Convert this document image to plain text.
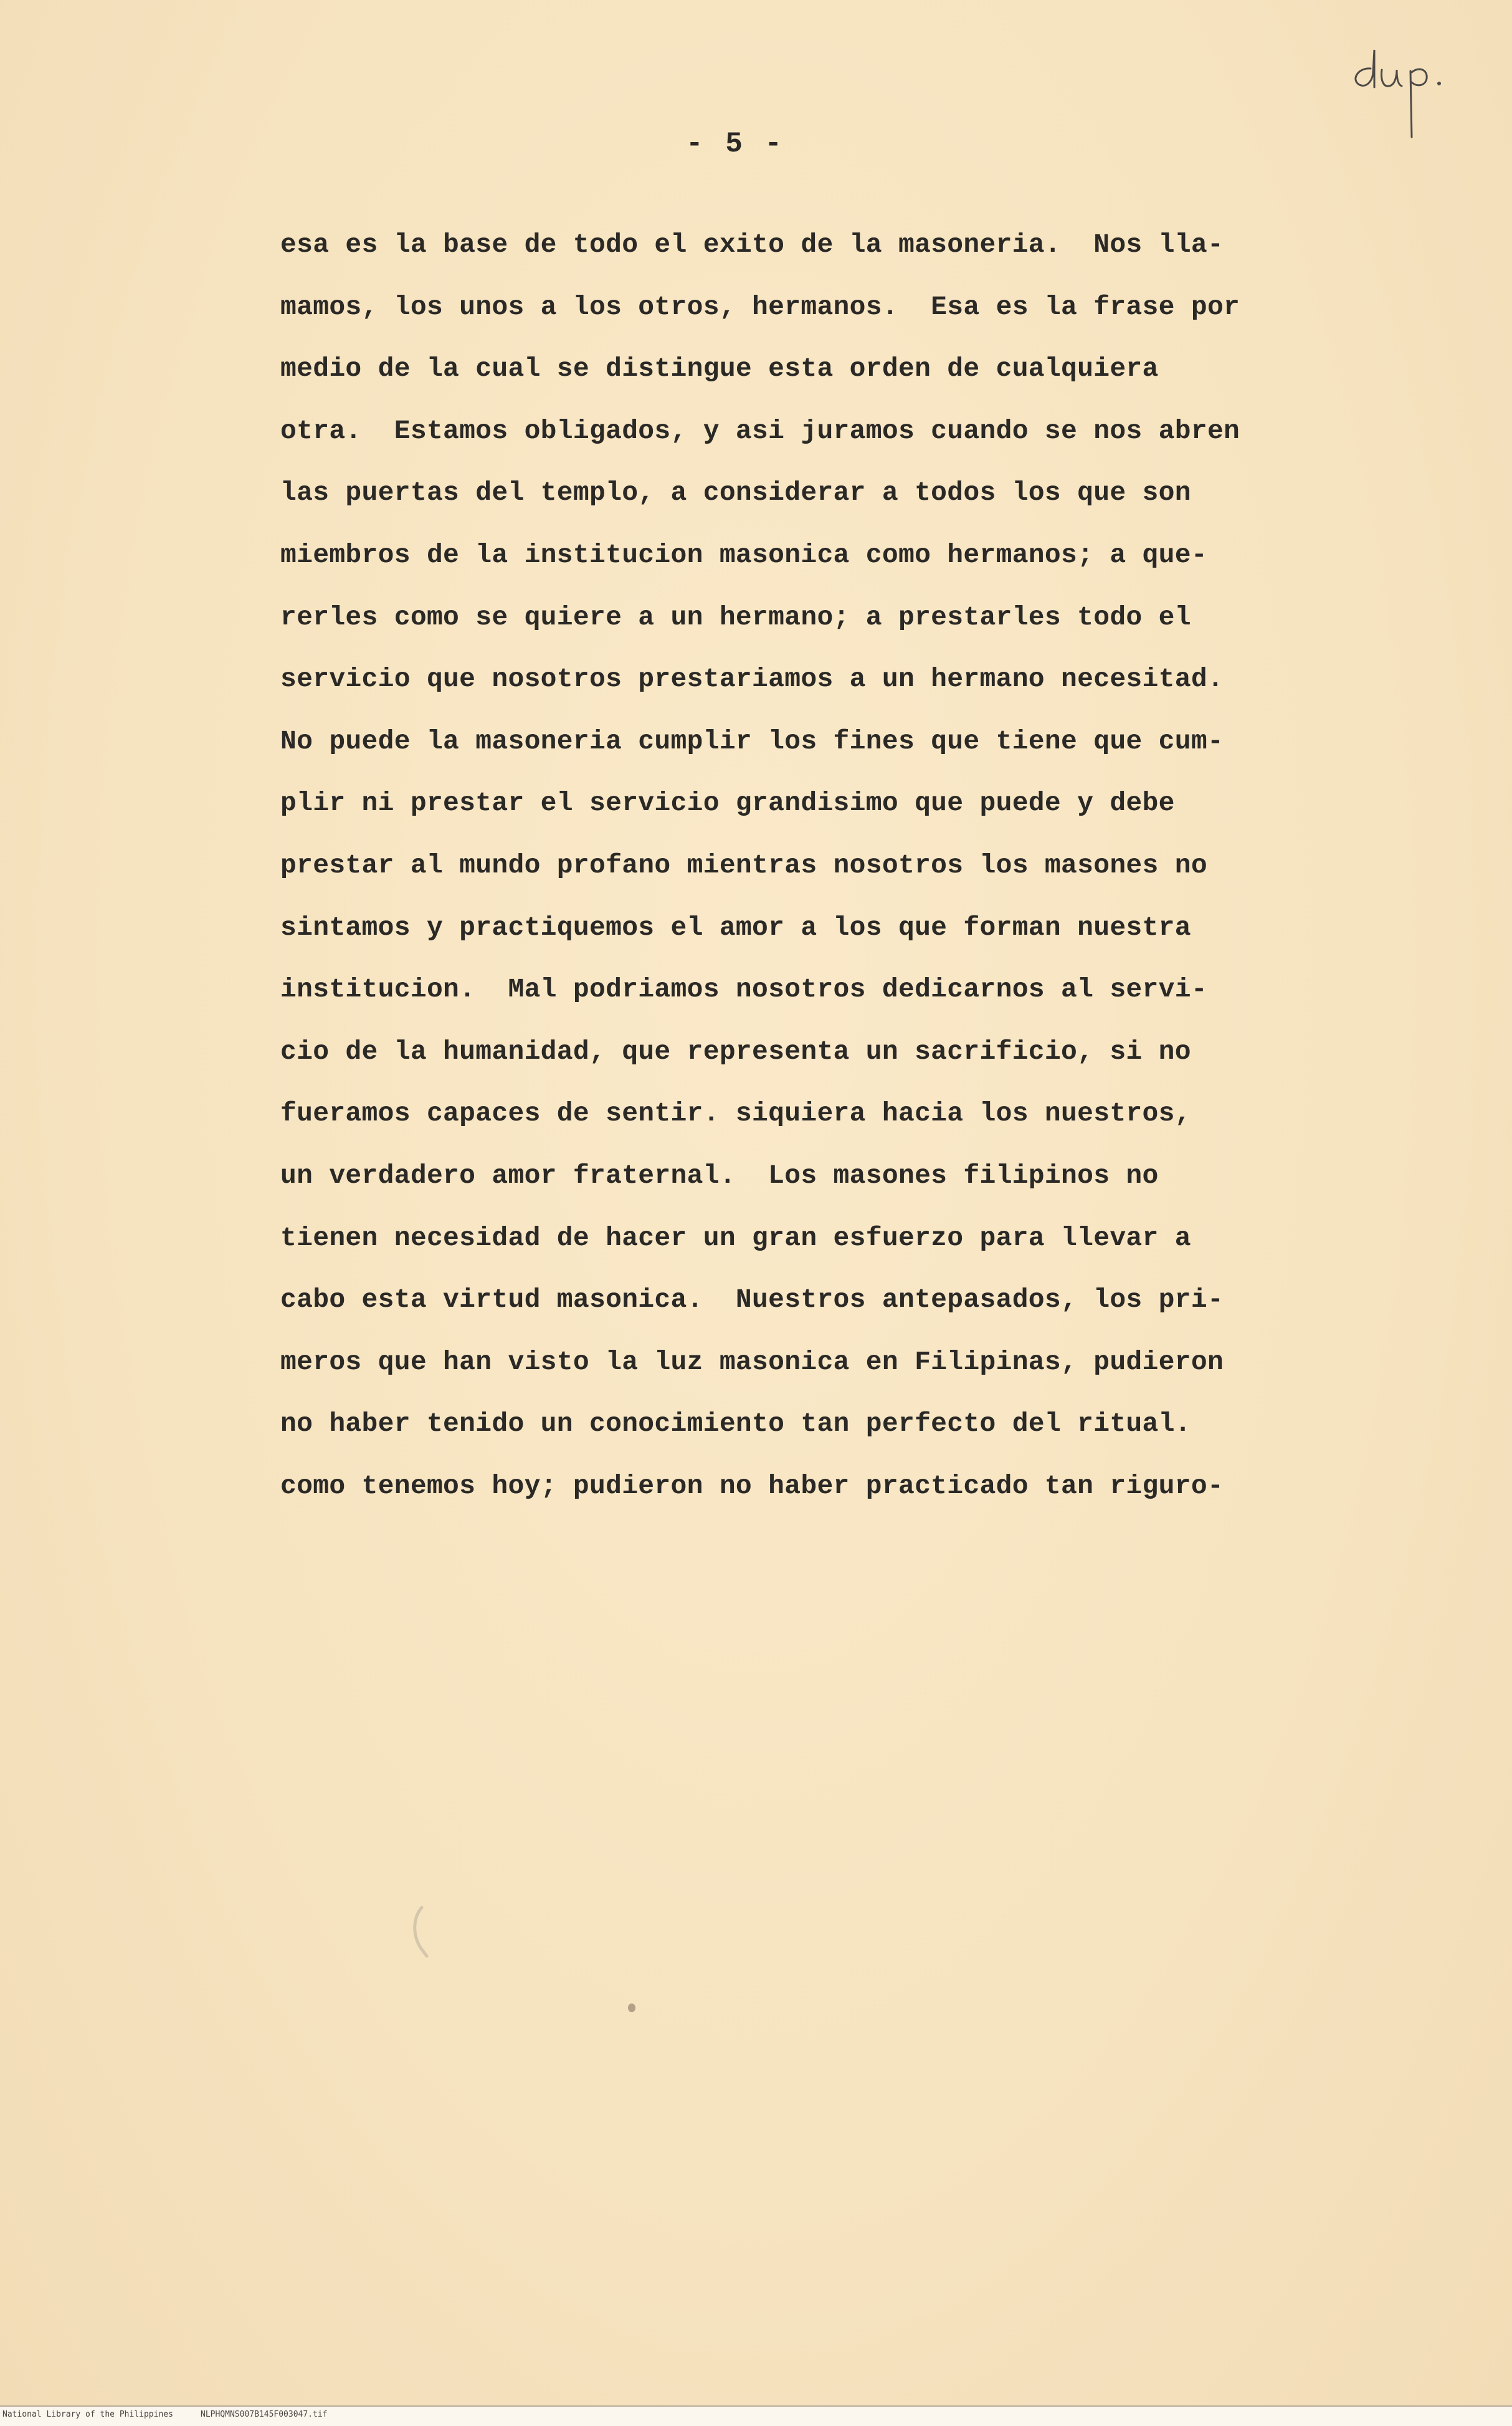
- 5 -
esa es la base de todo el exito de la masoneria.  Nos lla-
mamos, los unos a los otros, hermanos.  Esa es la frase por
medio de la cual se distingue esta orden de cualquiera
otra.  Estamos obligados, y asi juramos cuando se nos abren
las puertas del templo, a considerar a todos los que son
miembros de la institucion masonica como hermanos; a que-
rerles como se quiere a un hermano; a prestarles todo el
servicio que nosotros prestariamos a un hermano necesitad.
No puede la masoneria cumplir los fines que tiene que cum-
plir ni prestar el servicio grandisimo que puede y debe
prestar al mundo profano mientras nosotros los masones no
sintamos y practiquemos el amor a los que forman nuestra
institucion.  Mal podriamos nosotros dedicarnos al servi-
cio de la humanidad, que representa un sacrificio, si no
fueramos capaces de sentir. siquiera hacia los nuestros,
un verdadero amor fraternal.  Los masones filipinos no
tienen necesidad de hacer un gran esfuerzo para llevar a
cabo esta virtud masonica.  Nuestros antepasados, los pri-
meros que han visto la luz masonica en Filipinas, pudieron
no haber tenido un conocimiento tan perfecto del ritual.
como tenemos hoy; pudieron no haber practicado tan riguro-
National Library of the Philippines	NLPHQMNS007B145F003047.tif
